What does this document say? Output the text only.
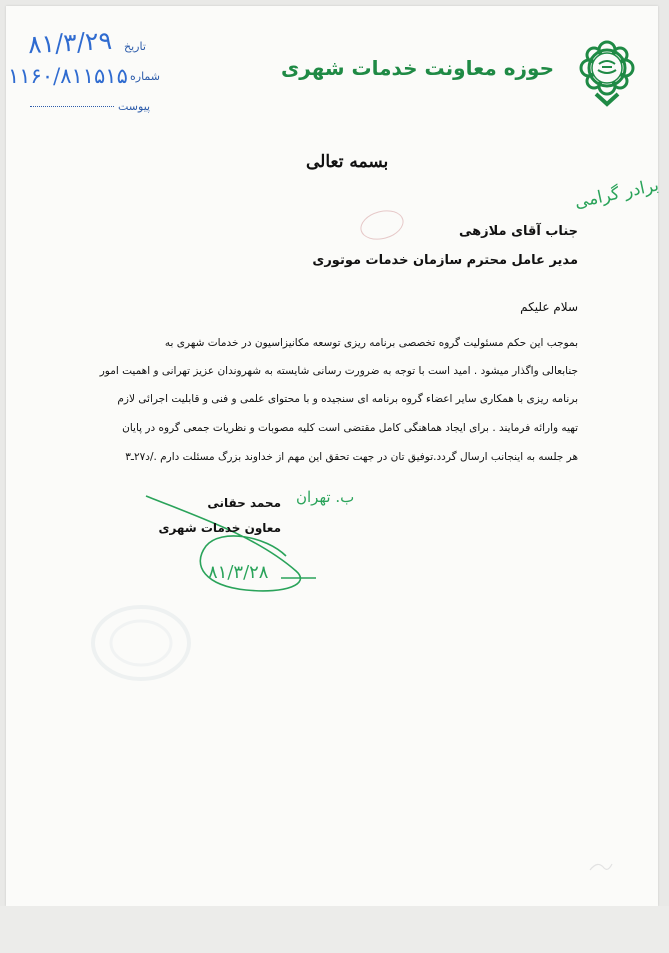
حوزه معاونت خدمات شهری
تاریخ
شماره
پیوست
۸۱/۳/۲۹
۱۱۶۰/۸۱۱۵۱۵
بسمه تعالی
برادر گرامی
جناب آقای ملازهی
مدیر عامل محترم سازمان خدمات موتوری
سلام علیکم
بموجب این حکم مسئولیت گروه تخصصی برنامه ریزی توسعه مکانیزاسیون در خدمات شهری به
جنابعالی واگذار میشود . امید است با توجه به ضرورت رسانی شایسته به شهروندان عزیز تهرانی و اهمیت امور
برنامه ریزی با همکاری سایر اعضاء گروه برنامه ای سنجیده و با محتوای علمی و فنی و قابلیت اجرائی لازم
تهیه وارائه فرمایند . برای ایجاد هماهنگی کامل مقتضی است کلیه مصوبات و نظریات جمعی گروه در پایان
هر جلسه به اینجانب ارسال گردد.توفیق تان در جهت تحقق این مهم از خداوند بزرگ مسئلت دارم ./د۲۷ـ۳
محمد حقانی
معاون خدمات شهری
ب. تهران
۸۱/۳/۲۸
